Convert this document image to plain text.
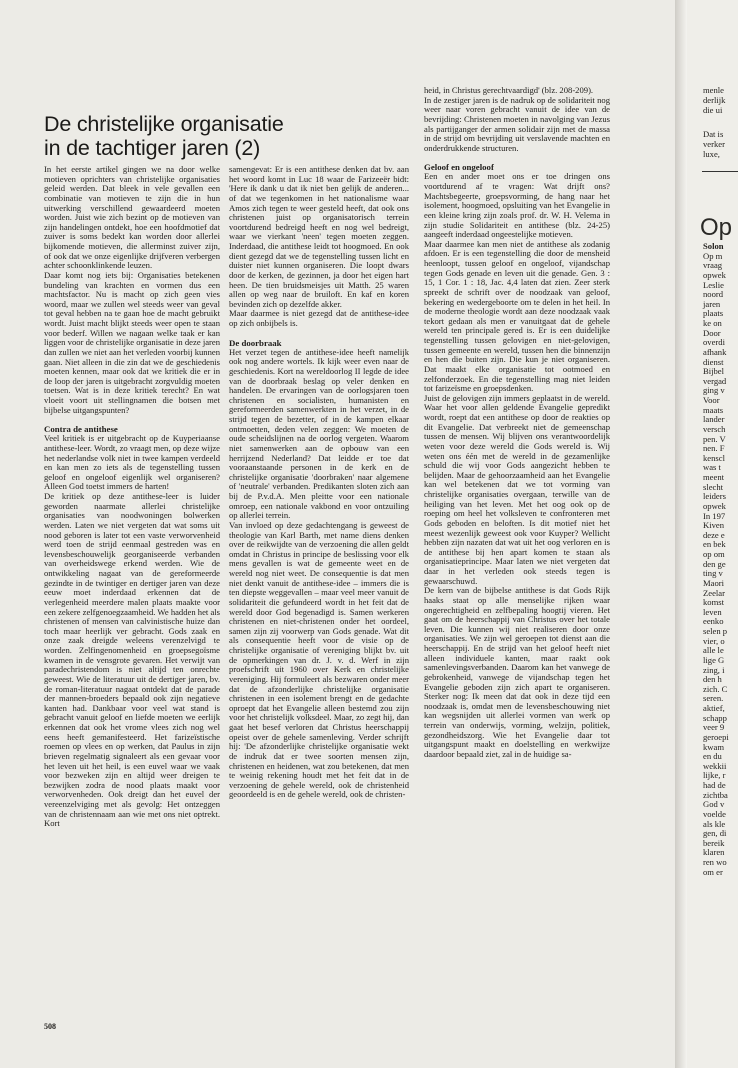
De christelijke organisatie
in de tachtiger jaren (2)

In het eerste artikel gingen we na door welke motieven oprichters van christelijke organisaties geleid werden. Dat bleek in vele gevallen een combinatie van motieven te zijn die in hun uitwerking verschillend gewaardeerd moeten worden. Juist wie zich bezint op de motieven van zijn handelingen ontdekt, hoe een hoofdmotief dat zuiver is soms bedekt kan worden door allerlei bijkomende motieven, die allerminst zuiver zijn, of ook dat we onze eigenlijke drijfveren verbergen achter schoonklinkende leuzen.

Daar komt nog iets bij: Organisaties betekenen bundeling van krachten en vormen dus een machtsfactor. Nu is macht op zich geen vies woord, maar we zullen wel steeds weer van geval tot geval hebben na te gaan hoe de macht gebruikt wordt. Juist macht blijkt steeds weer open te staan voor bederf. Willen we nagaan welke taak er kan liggen voor de christelijke organisatie in deze jaren dan zullen we niet aan het verleden voorbij kunnen gaan. Niet alleen in die zin dat we de geschiedenis moeten kennen, maar ook dat we kritiek die er in de loop der jaren is uitgebracht zorgvuldig moeten toetsen. Wat is in deze kritiek terecht? En wat vloeit voort uit stellingnamen die botsen met bijbelse uitgangspunten?

Contra de antithese

Veel kritiek is er uitgebracht op de Kuyperiaanse antithese-leer. Wordt, zo vraagt men, op deze wijze het nederlandse volk niet in twee kampen verdeeld en kan men zo iets als de tegenstelling tussen geloof en ongeloof eigenlijk wel organiseren? Alleen God toetst immers de harten!

De kritiek op deze antithese-leer is luider geworden naarmate allerlei christelijke organisaties van noodwoningen bolwerken werden. Laten we niet vergeten dat wat soms uit nood geboren is later tot een vaste verworvenheid werd toen de strijd eenmaal gestreden was en levensbeschouwelijk georganiseerde verbanden van overheidswege erkend werden. Wie de ontwikkeling nagaat van de gereformeerde gezindte in de twintiger en dertiger jaren van deze eeuw moet inderdaad erkennen dat de verlegenheid meerdere malen plaats maakte voor een zekere zelfgenoegzaamheid. We hadden het als christenen of mensen van calvinistische huize dan toch maar heerlijk ver gebracht. Gods zaak en onze zaak dreigde weleens verenzelvigd te worden. Zelfingenomenheid en groepsegoïsme kwamen in de vensgrote gevaren. Het verwijt van paradechristendom is niet altijd ten onrechte geweest. Wie de literatuur uit de dertiger jaren, bv. de roman-literatuur nagaat ontdekt dat de parade der mannen-broeders bepaald ook zijn negatieve kanten had. Dankbaar voor veel wat stand is gebracht vanuit geloof en liefde moeten we eerlijk erkennen dat ook het vrome vlees zich nog wel eens heeft gemanifesteerd. Het farizeïstische roemen op vlees en op werken, dat Paulus in zijn brieven regelmatig signaleert als een gevaar voor het leven uit het heil, is een euvel waar we vaak voor bezweken zijn en altijd weer dreigen te bezwijken zodra de nood plaats maakt voor verworvenheden. Ook dreigt dan het euvel der vereenzelviging met als gevolg: Het ontzeggen van de christennaam aan wie met ons niet optrekt. Kort

samengevat: Er is een antithese denken dat bv. aan het woord komt in Luc 18 waar de Farizeeër bidt: 'Here ik dank u dat ik niet ben gelijk de anderen... of dat we tegenkomen in het nationalisme waar Amos zich tegen te weer gesteld heeft, dat ook ons christenen juist op organisatorisch terrein voortdurend bedreigd heeft en nog wel bedreigt, waar we vierkant 'neen' tegen moeten zeggen. Inderdaad, die antithese leidt tot hoogmoed. En ook dient gezegd dat we de tegenstelling tussen licht en duister niet kunnen organiseren. Die loopt dwars door de kerken, de gezinnen, ja door het eigen hart heen. De tien bruidsmeisjes uit Matth. 25 waren allen op weg naar de bruiloft. En kaf en koren bevinden zich op dezelfde akker.

Maar daarmee is niet gezegd dat de antithese-idee op zich onbijbels is.

De doorbraak

Het verzet tegen de antithese-idee heeft namelijk ook nog andere wortels. Ik kijk weer even naar de geschiedenis. Kort na wereldoorlog II legde de idee van de doorbraak beslag op veler denken en handelen. De ervaringen van de oorlogsjaren toen christenen en socialisten, humanisten en gereformeerden samenwerkten in het verzet, in de strijd tegen de bezetter, of in de kampen elkaar ontmoetten, deden velen zeggen: We moeten de oude scheidslijnen na de oorlog vergeten. Waarom niet samenwerken aan de opbouw van een herrijzend Nederland? Dat leidde er toe dat vooraanstaande personen in de kerk en de christelijke organisatie 'doorbraken' naar algemene of 'neutrale' verbanden. Predikanten sloten zich aan bij de P.v.d.A. Men pleitte voor een nationale omroep, een nationale vakbond en voor ontzuiling op allerlei terrein.

Van invloed op deze gedachtengang is geweest de theologie van Karl Barth, met name diens denken over de reikwijdte van de verzoening die allen geldt omdat in Christus in principe de beslissing voor elk mens gevallen is wat de gemeente weet en de wereld nog niet weet. De consequentie is dat men niet denkt vanuit de antithese-idee – immers die is ten diepste weggevallen – maar veel meer vanuit de solidariteit die gefundeerd wordt in het feit dat de wereld door God begenadigd is. Samen werkeren christenen en niet-christenen onder het oordeel, samen zijn zij voorwerp van Gods genade. Wat dit als consequentie heeft voor de visie op de christelijke organisatie of vereniging blijkt bv. uit de opmerkingen van dr. J. v. d. Werf in zijn proefschrift uit 1960 over Kerk en christelijke vereniging. Hij formuleert als bezwaren onder meer dat de afzonderlijke christelijke organisatie christenen in een isolement brengt en de gedachte oproept dat het Evangelie alleen bestemd zou zijn voor het christelijk volksdeel. Maar, zo zegt hij, dan gaat het besef verloren dat Christus heerschappij opeist over de gehele samenleving. Verder schrijft hij: 'De afzonderlijke christelijke organisatie wekt de indruk dat er twee soorten mensen zijn, christenen en heidenen, wat zou betekenen, dat men te weinig rekening houdt met het feit dat in de verzoening de gehele wereld, ook de christenheid geoordeeld is en de gehele wereld, ook de christen-

heid, in Christus gerechtvaardigd' (blz. 208-209).

In de zestiger jaren is de nadruk op de solidariteit nog weer naar voren gebracht vanuit de idee van de bevrijding: Christenen moeten in navolging van Jezus als partijganger der armen solidair zijn met de massa in de strijd om bevrijding uit verslavende machten en onderdrukkende structuren.

Geloof en ongeloof

Een en ander moet ons er toe dringen ons voortdurend af te vragen: Wat drijft ons? Machtsbegeerte, groepsvorming, de hang naar het isolement, hoogmoed, opsluiting van het Evangelie in een kleine kring zijn zoals prof. dr. W. H. Velema in zijn studie Solidariteit en antithese (blz. 24-25) aangeeft inderdaad ongeestelijke motieven.

Maar daarmee kan men niet de antithese als zodanig afdoen. Er is een tegenstelling die door de mensheid heenloopt, tussen geloof en ongeloof, vijandschap tegen Gods genade en leven uit die genade. Gen. 3 : 15, 1 Cor. 1 : 18, Jac. 4,4 laten dat zien. Zeer sterk spreekt de schrift over de noodzaak van geloof, bekering en wedergeboorte om te delen in het heil. In de moderne theologie wordt aan deze noodzaak vaak tekort gedaan als men er vanuitgaat dat de gehele wereld ten principale gered is. Er is een duidelijke tegenstelling tussen gelovigen en niet-gelovigen, tussen gemeente en wereld, tussen hen die binnenzijn en hen die buiten zijn. Die kun je niet organiseren. Dat maakt elke organisatie tot ootmoed en zelfonderzoek. En die tegenstelling mag niet leiden tot farizeïsme en groepsdenken.

Juist de gelovigen zijn immers geplaatst in de wereld. Waar het voor allen geldende Evangelie gepredikt wordt, roept dat een antithese op door de reakties op dit Evangelie. Dat verbreekt niet de gemeenschap tussen de mensen. Wij blijven ons verantwoordelijk weten voor deze wereld die Gods wereld is. Wij weten ons één met de wereld in de gezamenlijke schuld die wij voor Gods aangezicht hebben te belijden. Maar de gehoorzaamheid aan het Evangelie kan wel betekenen dat we tot vorming van christelijke organisaties overgaan, terwille van de heiliging van het leven. Met het oog ook op de roeping om heel het volksleven te confronteren met Gods geboden en beloften. Is dit motief niet het meest wezenlijk geweest ook voor Kuyper? Wellicht hebben zijn nazaten dat wat uit het oog verloren en is de antithese bij hen apart komen te staan als organisatieprincipe. Maar laten we niet vergeten dat daar in het verleden ook steeds tegen is gewaarschuwd.

De kern van de bijbelse antithese is dat Gods Rijk haaks staat op alle menselijke rijken waar ongerechtigheid en zelfbepaling hoogtij vieren. Het gaat om de heerschappij van Christus over het totale leven. Die kunnen wij niet realiseren door onze organisaties. We zijn wel geroepen tot dienst aan die heerschappij. En de strijd van het geloof heeft niet alleen individuele kanten, maar raakt ook samenlevingsverbanden. Daarom kan het vanwege de gebrokenheid, vanwege de vijandschap tegen het Evangelie geboden zijn zich apart te organiseren. Sterker nog: Ik meen dat dat ook in deze tijd een noodzaak is, omdat men de levensbeschouwing niet kan wegsnijden uit allerlei vormen van werk op terrein van onderwijs, vorming, welzijn, politiek, gezondheidszorg. Wie het Evangelie daar tot uitgangspunt maakt en doelstelling en werkwijze daardoor bepaald ziet, zal in de huidige sa-

508
menle
derlijk
die ui
Dat is
verker
luxe,
Op
Solon
Op m
vraag
opwek
Leslie
noord
jaren
plaats
ke on
Door
overdi
afhank
dienst
Bijbel
vergad
ging v
Voor
maats
lander
versch
pen. V
nen. F
kenscl
was t
meent
slecht
leiders
opwek
In 197
Kiven
deze e
en bek
op om
den ge
ting v
Maori
Zeelar
komst
leven
eenko
selen p
vier, o
alle le
lige G
zing, i
den h
zich. C
seren.
aktief,
schapp
veer 9
geroepi
kwam
en du
wekkii
lijke, r
had de
zichtba
God v
voelde
als kle
gen, di
bereik
klaren
ren wo
om er
